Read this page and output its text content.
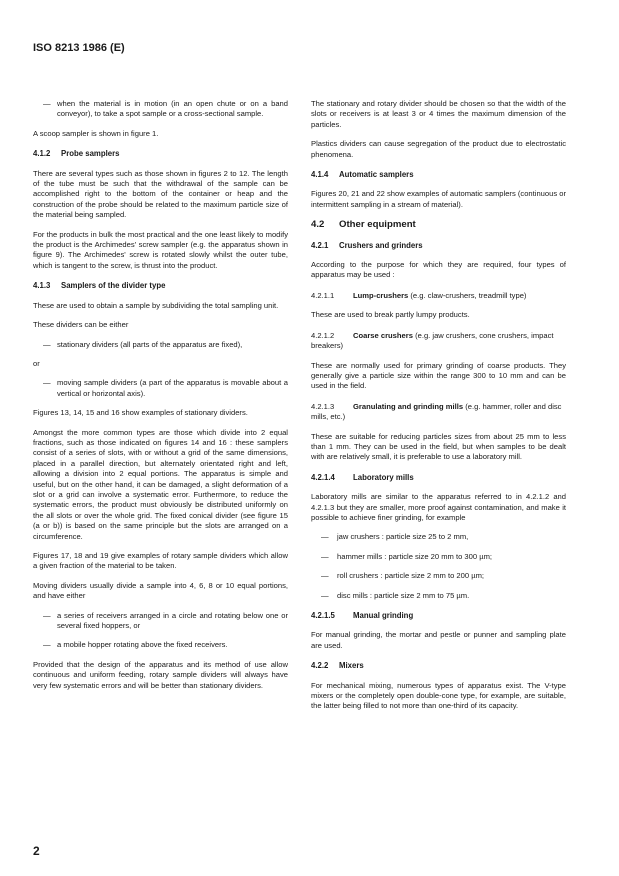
ISO 8213 1986 (E)
— when the material is in motion (in an open chute or on a band conveyor), to take a spot sample or a cross-sectional sample.

A scoop sampler is shown in figure 1.

4.1.2 Probe samplers

There are several types such as those shown in figures 2 to 12. The length of the tube must be such that the withdrawal of the sample can be accomplished right to the bottom of the container or heap and the construction of the probe should be related to the maximum particle size of the material being sampled.

For the products in bulk the most practical and the one least likely to modify the product is the Archimedes' screw sampler (e.g. the apparatus shown in figure 9). The Archimedes' screw is rotated slowly whilst the outer tube, which is tangent to the screw, is thrust into the product.

4.1.3 Samplers of the divider type

These are used to obtain a sample by subdividing the total sampling unit.

These dividers can be either

— stationary dividers (all parts of the apparatus are fixed),

or

— moving sample dividers (a part of the apparatus is movable about a vertical or horizontal axis).

Figures 13, 14, 15 and 16 show examples of stationary dividers.

Amongst the more common types are those which divide into 2 equal fractions, such as those indicated on figures 14 and 16 : these samplers consist of a series of slots, with or without a grid of the same dimensions, placed in a parallel direction, but alternately orientated right and left, allowing a division into 2 equal portions. The apparatus is simple and useful, but on the other hand, it can be damaged, a slight deformation of a slot or a grid can involve a systematic error. Furthermore, to reduce the systematic errors, the product must obviously be distributed uniformly on the all slots or over the whole grid. The fixed conical divider (see figure 15 (a or b)) is based on the same principle but the slots are arranged on a circumference.

Figures 17, 18 and 19 give examples of rotary sample dividers which allow a given fraction of the material to be taken.

Moving dividers usually divide a sample into 4, 6, 8 or 10 equal portions, and have either

— a series of receivers arranged in a circle and rotating below one or several fixed hoppers, or
— a mobile hopper rotating above the fixed receivers.

Provided that the design of the apparatus and its method of use allow continuous and uniform feeding, rotary sample dividers will always have very few systematic errors and will be better than stationary dividers.

The stationary and rotary divider should be chosen so that the width of the slots or receivers is at least 3 or 4 times the maximum dimension of the particles.

Plastics dividers can cause segregation of the product due to electrostatic phenomena.

4.1.4 Automatic samplers

Figures 20, 21 and 22 show examples of automatic samplers (continuous or intermittent sampling in a stream of material).

4.2 Other equipment
4.2.1 Crushers and grinders

According to the purpose for which they are required, four types of apparatus may be used :

4.2.1.1 Lump-crushers (e.g. claw-crushers, treadmill type)

These are used to break partly lumpy products.

4.2.1.2 Coarse crushers (e.g. jaw crushers, cone crushers, impact breakers)

These are normally used for primary grinding of coarse products. They generally give a particle size within the range 300 to 10 mm and can be used in the field.

4.2.1.3 Granulating and grinding mills (e.g. hammer, roller and disc mills, etc.)

These are suitable for reducing particles sizes from about 25 mm to less than 1 mm. They can be used in the field, but when samples to be dealt with are relatively small, it is preferable to use a laboratory mill.

4.2.1.4 Laboratory mills

Laboratory mills are similar to the apparatus referred to in 4.2.1.2 and 4.2.1.3 but they are smaller, more proof against contamination, and make it possible to achieve finer grinding, for example

— jaw crushers : particle size 25 to 2 mm,
— hammer mills : particle size 20 mm to 300 µm;
— roll crushers : particle size 2 mm to 200 µm;
— disc mills : particle size 2 mm to 75 µm.
4.2.1.5 Manual grinding

For manual grinding, the mortar and pestle or punner and sampling plate are used.

4.2.2 Mixers

For mechanical mixing, numerous types of apparatus exist. The V-type mixers or the completely open double-cone type, for example, are suitable, the latter being filled to not more than one-third of its capacity.

2
